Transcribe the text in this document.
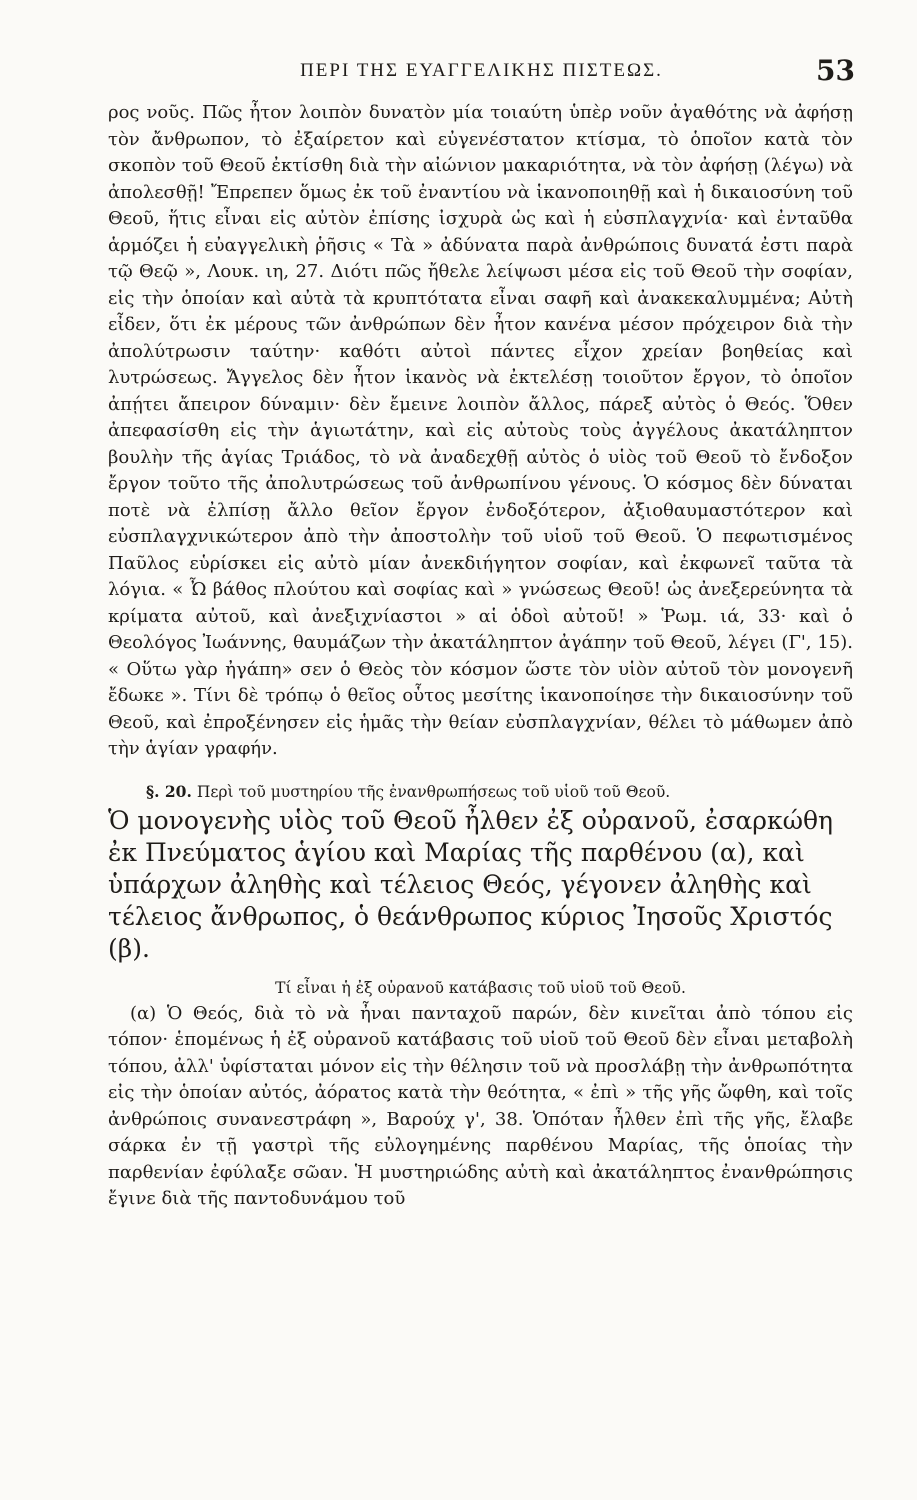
ΠΕΡΙ ΤΗΣ ΕΥΑΓΓΕΛΙΚΗΣ ΠΙΣΤΕΩΣ.	53

ρος νοῦς. Πῶς ἦτον λοιπὸν δυνατὸν μία τοιαύτη ὑπὲρ νοῦν ἀγαθότης νὰ ἀφήσῃ τὸν ἄνθρωπον, τὸ ἐξαίρετον καὶ εὐγενέστατον κτίσμα, τὸ ὁποῖον κατὰ τὸν σκοπὸν τοῦ Θεοῦ ἐκτίσθη διὰ τὴν αἰώνιον μακαριότητα, νὰ τὸν ἀφήσῃ (λέγω) νὰ ἀπολεσθῇ! Ἔπρεπεν ὅμως ἐκ τοῦ ἐναντίου νὰ ἱκανοποιηθῇ καὶ ἡ δικαιοσύνη τοῦ Θεοῦ, ἥτις εἶναι εἰς αὐτὸν ἐπίσης ἰσχυρὰ ὡς καὶ ἡ εὐσπλαγχνία· καὶ ἐνταῦθα ἁρμόζει ἡ εὐαγγελικὴ ῥῆσις « Τὰ » ἀδύνατα παρὰ ἀνθρώποις δυνατά ἐστι παρὰ τῷ Θεῷ », Λουκ. ιη, 27. Διότι πῶς ἤθελε λείψωσι μέσα εἰς τοῦ Θεοῦ τὴν σοφίαν, εἰς τὴν ὁποίαν καὶ αὐτὰ τὰ κρυπτότατα εἶναι σαφῆ καὶ ἀνακεκαλυμμένα; Αὐτὴ εἶδεν, ὅτι ἐκ μέρους τῶν ἀνθρώπων δὲν ἦτον κανένα μέσον πρόχειρον διὰ τὴν ἀπολύτρωσιν ταύτην· καθότι αὐτοὶ πάντες εἶχον χρείαν βοηθείας καὶ λυτρώσεως. Ἄγγελος δὲν ἦτον ἱκανὸς νὰ ἐκτελέσῃ τοιοῦτον ἔργον, τὸ ὁποῖον ἀπῄτει ἄπειρον δύναμιν· δὲν ἔμεινε λοιπὸν ἄλλος, πάρεξ αὐτὸς ὁ Θεός. Ὅθεν ἀπεφασίσθη εἰς τὴν ἁγιωτάτην, καὶ εἰς αὐτοὺς τοὺς ἀγγέλους ἀκατάληπτον βουλὴν τῆς ἁγίας Τριάδος, τὸ νὰ ἀναδεχθῇ αὐτὸς ὁ υἱὸς τοῦ Θεοῦ τὸ ἔνδοξον ἔργον τοῦτο τῆς ἀπολυτρώσεως τοῦ ἀνθρωπίνου γένους. Ὁ κόσμος δὲν δύναται ποτὲ νὰ ἐλπίσῃ ἄλλο θεῖον ἔργον ἐνδοξότερον, ἀξιοθαυμαστότερον καὶ εὐσπλαγχνικώτερον ἀπὸ τὴν ἀποστολὴν τοῦ υἱοῦ τοῦ Θεοῦ. Ὁ πεφωτισμένος Παῦλος εὑρίσκει εἰς αὐτὸ μίαν ἀνεκδιήγητον σοφίαν, καὶ ἐκφωνεῖ ταῦτα τὰ λόγια. « Ὦ βάθος πλούτου καὶ σοφίας καὶ » γνώσεως Θεοῦ! ὡς ἀνεξερεύνητα τὰ κρίματα αὐτοῦ, καὶ ἀνεξιχνίαστοι » αἱ ὁδοὶ αὐτοῦ! » Ῥωμ. ιά, 33· καὶ ὁ Θεολόγος Ἰωάννης, θαυμάζων τὴν ἀκατάληπτον ἀγάπην τοῦ Θεοῦ, λέγει (Γ', 15). « Οὕτω γὰρ ἠγάπη» σεν ὁ Θεὸς τὸν κόσμον ὥστε τὸν υἱὸν αὐτοῦ τὸν μονογενῆ ἔδωκε ». Τίνι δὲ τρόπῳ ὁ θεῖος οὗτος μεσίτης ἱκανοποίησε τὴν δικαιοσύνην τοῦ Θεοῦ, καὶ ἐπροξένησεν εἰς ἡμᾶς τὴν θείαν εὐσπλαγχνίαν, θέλει τὸ μάθωμεν ἀπὸ τὴν ἁγίαν γραφήν.

§. 20. Περὶ τοῦ μυστηρίου τῆς ἐνανθρωπήσεως τοῦ υἱοῦ τοῦ Θεοῦ.

Ὁ μονογενὴς υἱὸς τοῦ Θεοῦ ἦλθεν ἐξ οὐρανοῦ, ἐσαρκώθη ἐκ Πνεύματος ἁγίου καὶ Μαρίας τῆς παρθένου (α), καὶ ὑπάρχων ἀληθὴς καὶ τέλειος Θεός, γέγονεν ἀληθὴς καὶ τέλειος ἄνθρωπος, ὁ θεάνθρωπος κύριος Ἰησοῦς Χριστός (β).

Τί εἶναι ἡ ἐξ οὐρανοῦ κατάβασις τοῦ υἱοῦ τοῦ Θεοῦ.

(α) Ὁ Θεός, διὰ τὸ νὰ ἦναι πανταχοῦ παρών, δὲν κινεῖται ἀπὸ τόπου εἰς τόπον· ἑπομένως ἡ ἐξ οὐρανοῦ κατάβασις τοῦ υἱοῦ τοῦ Θεοῦ δὲν εἶναι μεταβολὴ τόπου, ἀλλ' ὑφίσταται μόνον εἰς τὴν θέλησιν τοῦ νὰ προσλάβῃ τὴν ἀνθρωπότητα εἰς τὴν ὁποίαν αὐτός, ἀόρατος κατὰ τὴν θεότητα, « ἐπὶ » τῆς γῆς ὤφθη, καὶ τοῖς ἀνθρώποις συνανεστράφη », Βαρούχ γ', 38. Ὁπόταν ἦλθεν ἐπὶ τῆς γῆς, ἔλαβε σάρκα ἐν τῇ γαστρὶ τῆς εὐλογημένης παρθένου Μαρίας, τῆς ὁποίας τὴν παρθενίαν ἐφύλαξε σῶαν. Ἡ μυστηριώδης αὐτὴ καὶ ἀκατάληπτος ἐνανθρώπησις ἔγινε διὰ τῆς παντοδυνάμου τοῦ
